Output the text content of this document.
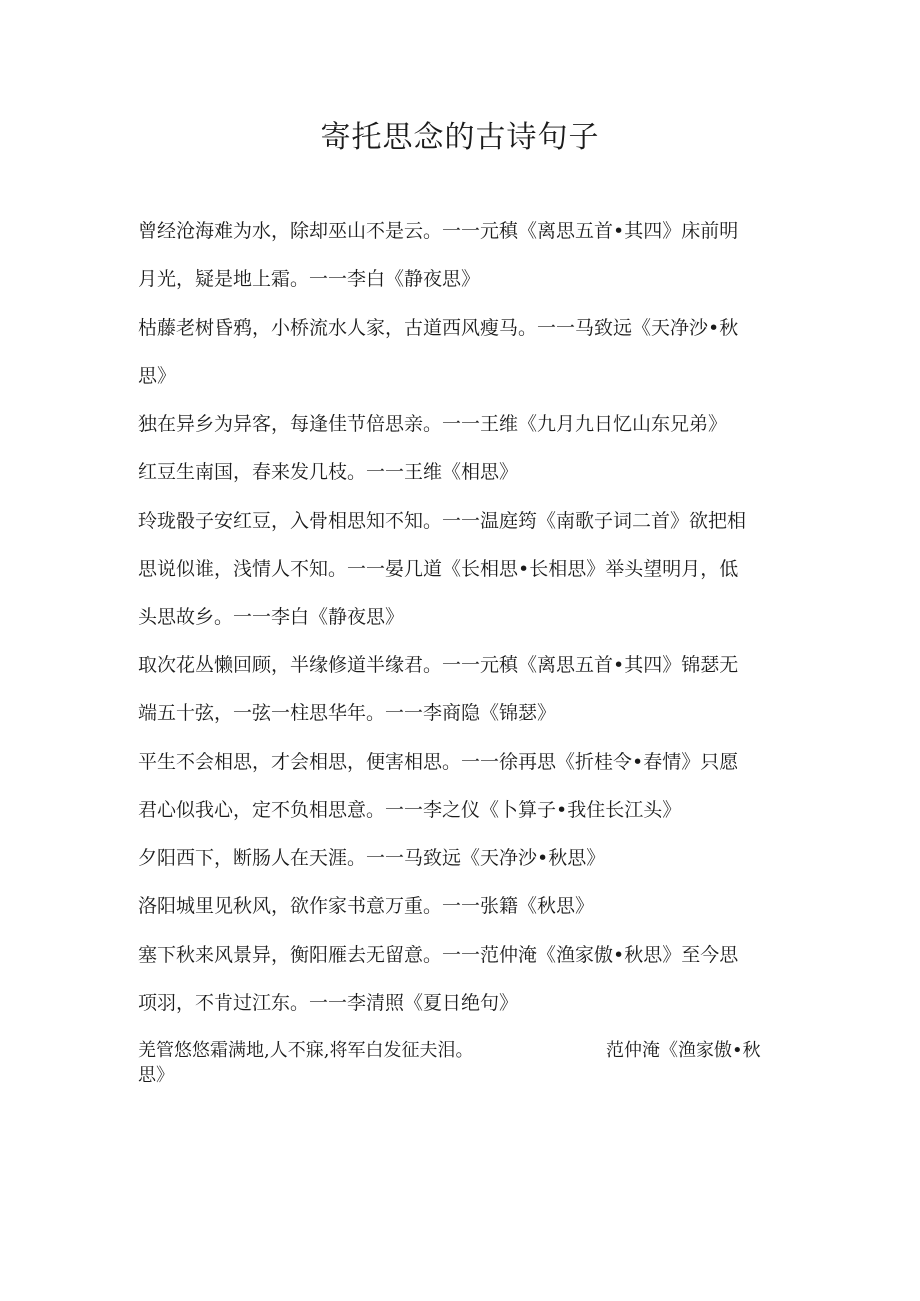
寄托思念的古诗句子

曾经沧海难为水，除却巫山不是云。一一元稹《离思五首•其四》床前明

月光，疑是地上霜。一一李白《静夜思》

枯藤老树昏鸦，小桥流水人家，古道西风瘦马。一一马致远《天净沙•秋

思》

独在异乡为异客，每逢佳节倍思亲。一一王维《九月九日忆山东兄弟》

红豆生南国，春来发几枝。一一王维《相思》

玲珑骰子安红豆，入骨相思知不知。一一温庭筠《南歌子词二首》欲把相

思说似谁，浅情人不知。一一晏几道《长相思•长相思》举头望明月，低

头思故乡。一一李白《静夜思》

取次花丛懒回顾，半缘修道半缘君。一一元稹《离思五首•其四》锦瑟无

端五十弦，一弦一柱思华年。一一李商隐《锦瑟》

平生不会相思，才会相思，便害相思。一一徐再思《折桂令•春情》只愿

君心似我心，定不负相思意。一一李之仪《卜算子•我住长江头》

夕阳西下，断肠人在天涯。一一马致远《天净沙•秋思》

洛阳城里见秋风，欲作家书意万重。一一张籍《秋思》

塞下秋来风景异，衡阳雁去无留意。一一范仲淹《渔家傲•秋思》至今思

项羽，不肯过江东。一一李清照《夏日绝句》

羌管悠悠霜满地,人不寐,将军白发征夫泪。	范仲淹《渔家傲•秋
思》
